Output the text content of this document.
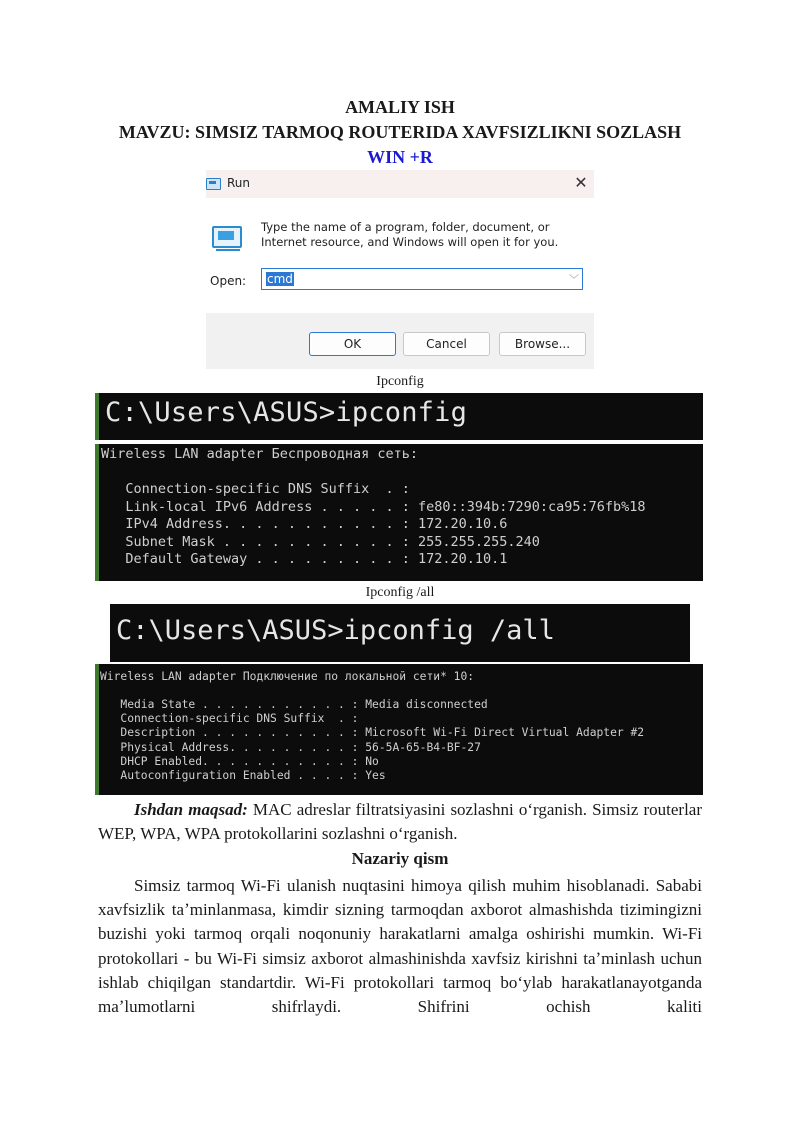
AMALIY ISH
MAVZU: SIMSIZ TARMOQ ROUTERIDA XAVFSIZLIKNI SOZLASH
WIN +R
Run	✕
Type the name of a program, folder, document, or Internet resource, and Windows will open it for you.
Open: cmd	﹀
OK	Cancel	Browse...
Ipconfig

C:\Users\ASUS>ipconfig

Wireless LAN adapter Беспроводная сеть:

Connection-specific DNS Suffix  . :

Link-local IPv6 Address . . . . . : fe80::394b:7290:ca95:76fb%18

IPv4 Address. . . . . . . . . . . : 172.20.10.6

Subnet Mask . . . . . . . . . . . : 255.255.255.240

Default Gateway . . . . . . . . . : 172.20.10.1

Ipconfig /all

C:\Users\ASUS>ipconfig /all

Wireless LAN adapter Подключение по локальной сети* 10:

Media State . . . . . . . . . . . : Media disconnected

Connection-specific DNS Suffix  . :

Description . . . . . . . . . . . : Microsoft Wi-Fi Direct Virtual Adapter #2

Physical Address. . . . . . . . . : 56-5A-65-B4-BF-27

DHCP Enabled. . . . . . . . . . . : No

Autoconfiguration Enabled . . . . : Yes

Ishdan maqsad: MAC adreslar filtratsiyasini sozlashni oʻrganish. Simsiz routerlar WEP, WPA, WPA protokollarini sozlashni oʻrganish.
Nazariy qism
Simsiz tarmoq Wi-Fi ulanish nuqtasini himoya qilish muhim hisoblanadi. Sababi xavfsizlik taʼminlanmasa, kimdir sizning tarmoqdan axborot almashishda tizimingizni buzishi yoki tarmoq orqali noqonuniy harakatlarni amalga oshirishi mumkin. Wi-Fi protokollari - bu Wi-Fi simsiz axborot almashinishda xavfsiz kirishni taʼminlash uchun ishlab chiqilgan standartdir. Wi-Fi protokollari tarmoq boʻylab harakatlanayotganda maʼlumotlarni shifrlaydi. Shifrini ochish kaliti
